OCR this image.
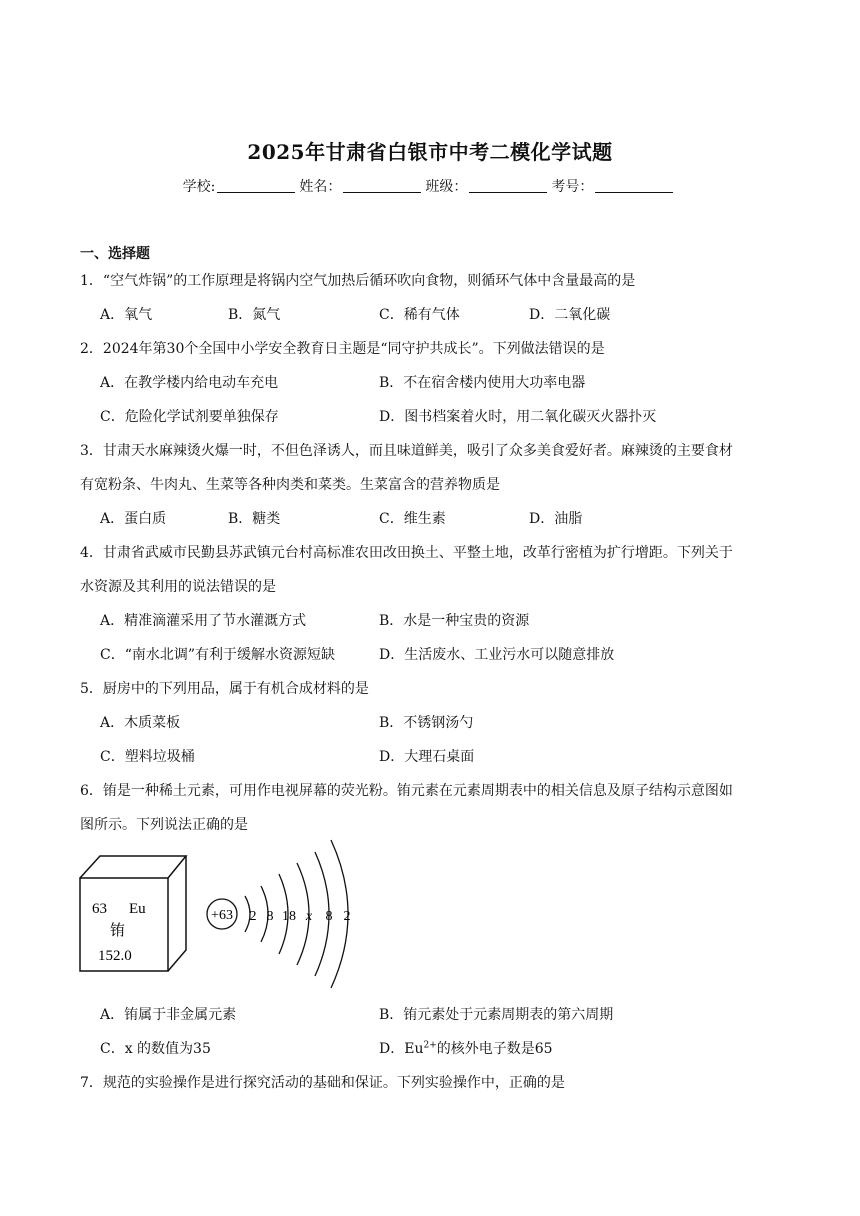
2025年甘肃省白银市中考二模化学试题
学校:	姓名：	班级：	考号：
一、选择题
1．“空气炸锅”的工作原理是将锅内空气加热后循环吹向食物，则循环气体中含量最高的是
A．氧气	B．氮气	C．稀有气体	D．二氧化碳
2．2024年第30个全国中小学安全教育日主题是“同守护共成长”。下列做法错误的是
A．在教学楼内给电动车充电	B．不在宿舍楼内使用大功率电器
C．危险化学试剂要单独保存	D．图书档案着火时，用二氧化碳灭火器扑灭
3．甘肃天水麻辣烫火爆一时，不但色泽诱人，而且味道鲜美，吸引了众多美食爱好者。麻辣烫的主要食材
有宽粉条、牛肉丸、生菜等各种肉类和菜类。生菜富含的营养物质是
A．蛋白质	B．糖类	C．维生素	D．油脂
4．甘肃省武威市民勤县苏武镇元台村高标准农田改田换土、平整土地，改革行密植为扩行增距。下列关于
水资源及其利用的说法错误的是
A．精准滴灌采用了节水灌溉方式	B．水是一种宝贵的资源
C．“南水北调”有利于缓解水资源短缺	D．生活废水、工业污水可以随意排放
5．厨房中的下列用品，属于有机合成材料的是
A．木质菜板	B．不锈钢汤勺
C．塑料垃圾桶	D．大理石桌面
6．铕是一种稀土元素，可用作电视屏幕的荧光粉。铕元素在元素周期表中的相关信息及原子结构示意图如
图所示。下列说法正确的是
63 Eu
铕
152.0
+63 2 8 18 x 8 2
A．铕属于非金属元素	B．铕元素处于元素周期表的第六周期
C．x 的数值为35	D．$Eu^{2+}$的核外电子数是65
7．规范的实验操作是进行探究活动的基础和保证。下列实验操作中，正确的是
